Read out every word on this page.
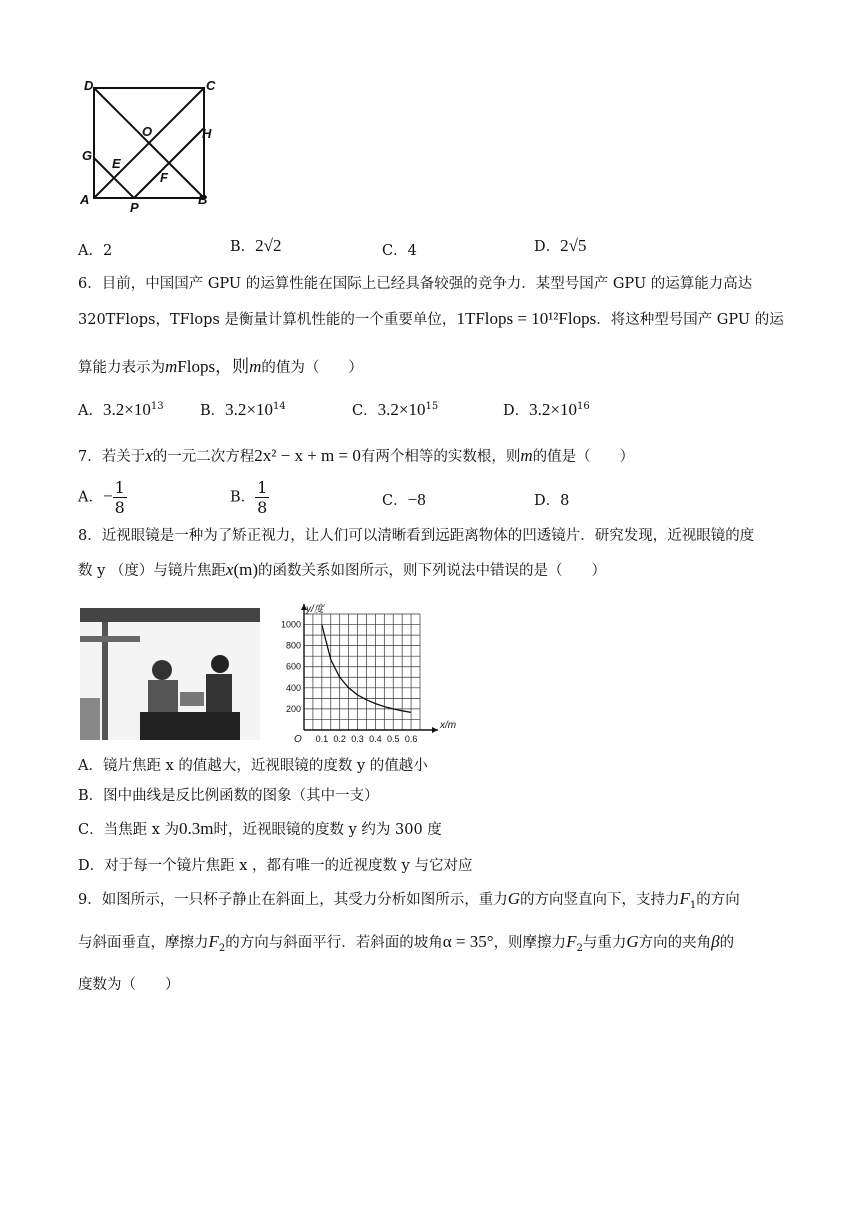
D	C
O	H
G
E
F
A
P
B
A．2	B．2√2	C．4	D．2√5
6．目前，中国国产 GPU 的运算性能在国际上已经具备较强的竞争力．某型号国产 GPU 的运算能力高达
320TFlops，TFlops 是衡量计算机性能的一个重要单位，1TFlops = 10¹²Flops．将这种型号国产 GPU 的运
算能力表示为mFlops，则m的值为（　　）
A．$3.2\times 10^{13}$	B．$3.2\times 10^{14}$	C．$3.2\times 10^{15}$	D．$3.2\times 10^{16}$
7．若关于x的一元二次方程2x² − x + m = 0有两个相等的实数根，则m的值是（　　）
A．− $\frac{1}{8}$	B． $\frac{1}{8}$	C．−8	D．8
8．近视眼镜是一种为了矫正视力，让人们可以清晰看到远距离物体的凹透镜片．研究发现，近视眼镜的度
数 y （度）与镜片焦距x(m)的函数关系如图所示，则下列说法中错误的是（　　）
0.1 0.2 0.3 0.4 0.5 0.6
200
400
600
800
1000
O
x/m
y/度
A．镜片焦距 x 的值越大，近视眼镜的度数 y 的值越小
B．图中曲线是反比例函数的图象（其中一支）
C．当焦距 x 为0.3m时，近视眼镜的度数 y 约为 300 度
D．对于每一个镜片焦距 x ，都有唯一的近视度数 y 与它对应
9．如图所示，一只杯子静止在斜面上，其受力分析如图所示，重力G的方向竖直向下，支持力$F_1$的方向
与斜面垂直，摩擦力$F_2$的方向与斜面平行．若斜面的坡角α = 35°，则摩擦力$F_2$与重力G方向的夹角β的
度数为（　　）
